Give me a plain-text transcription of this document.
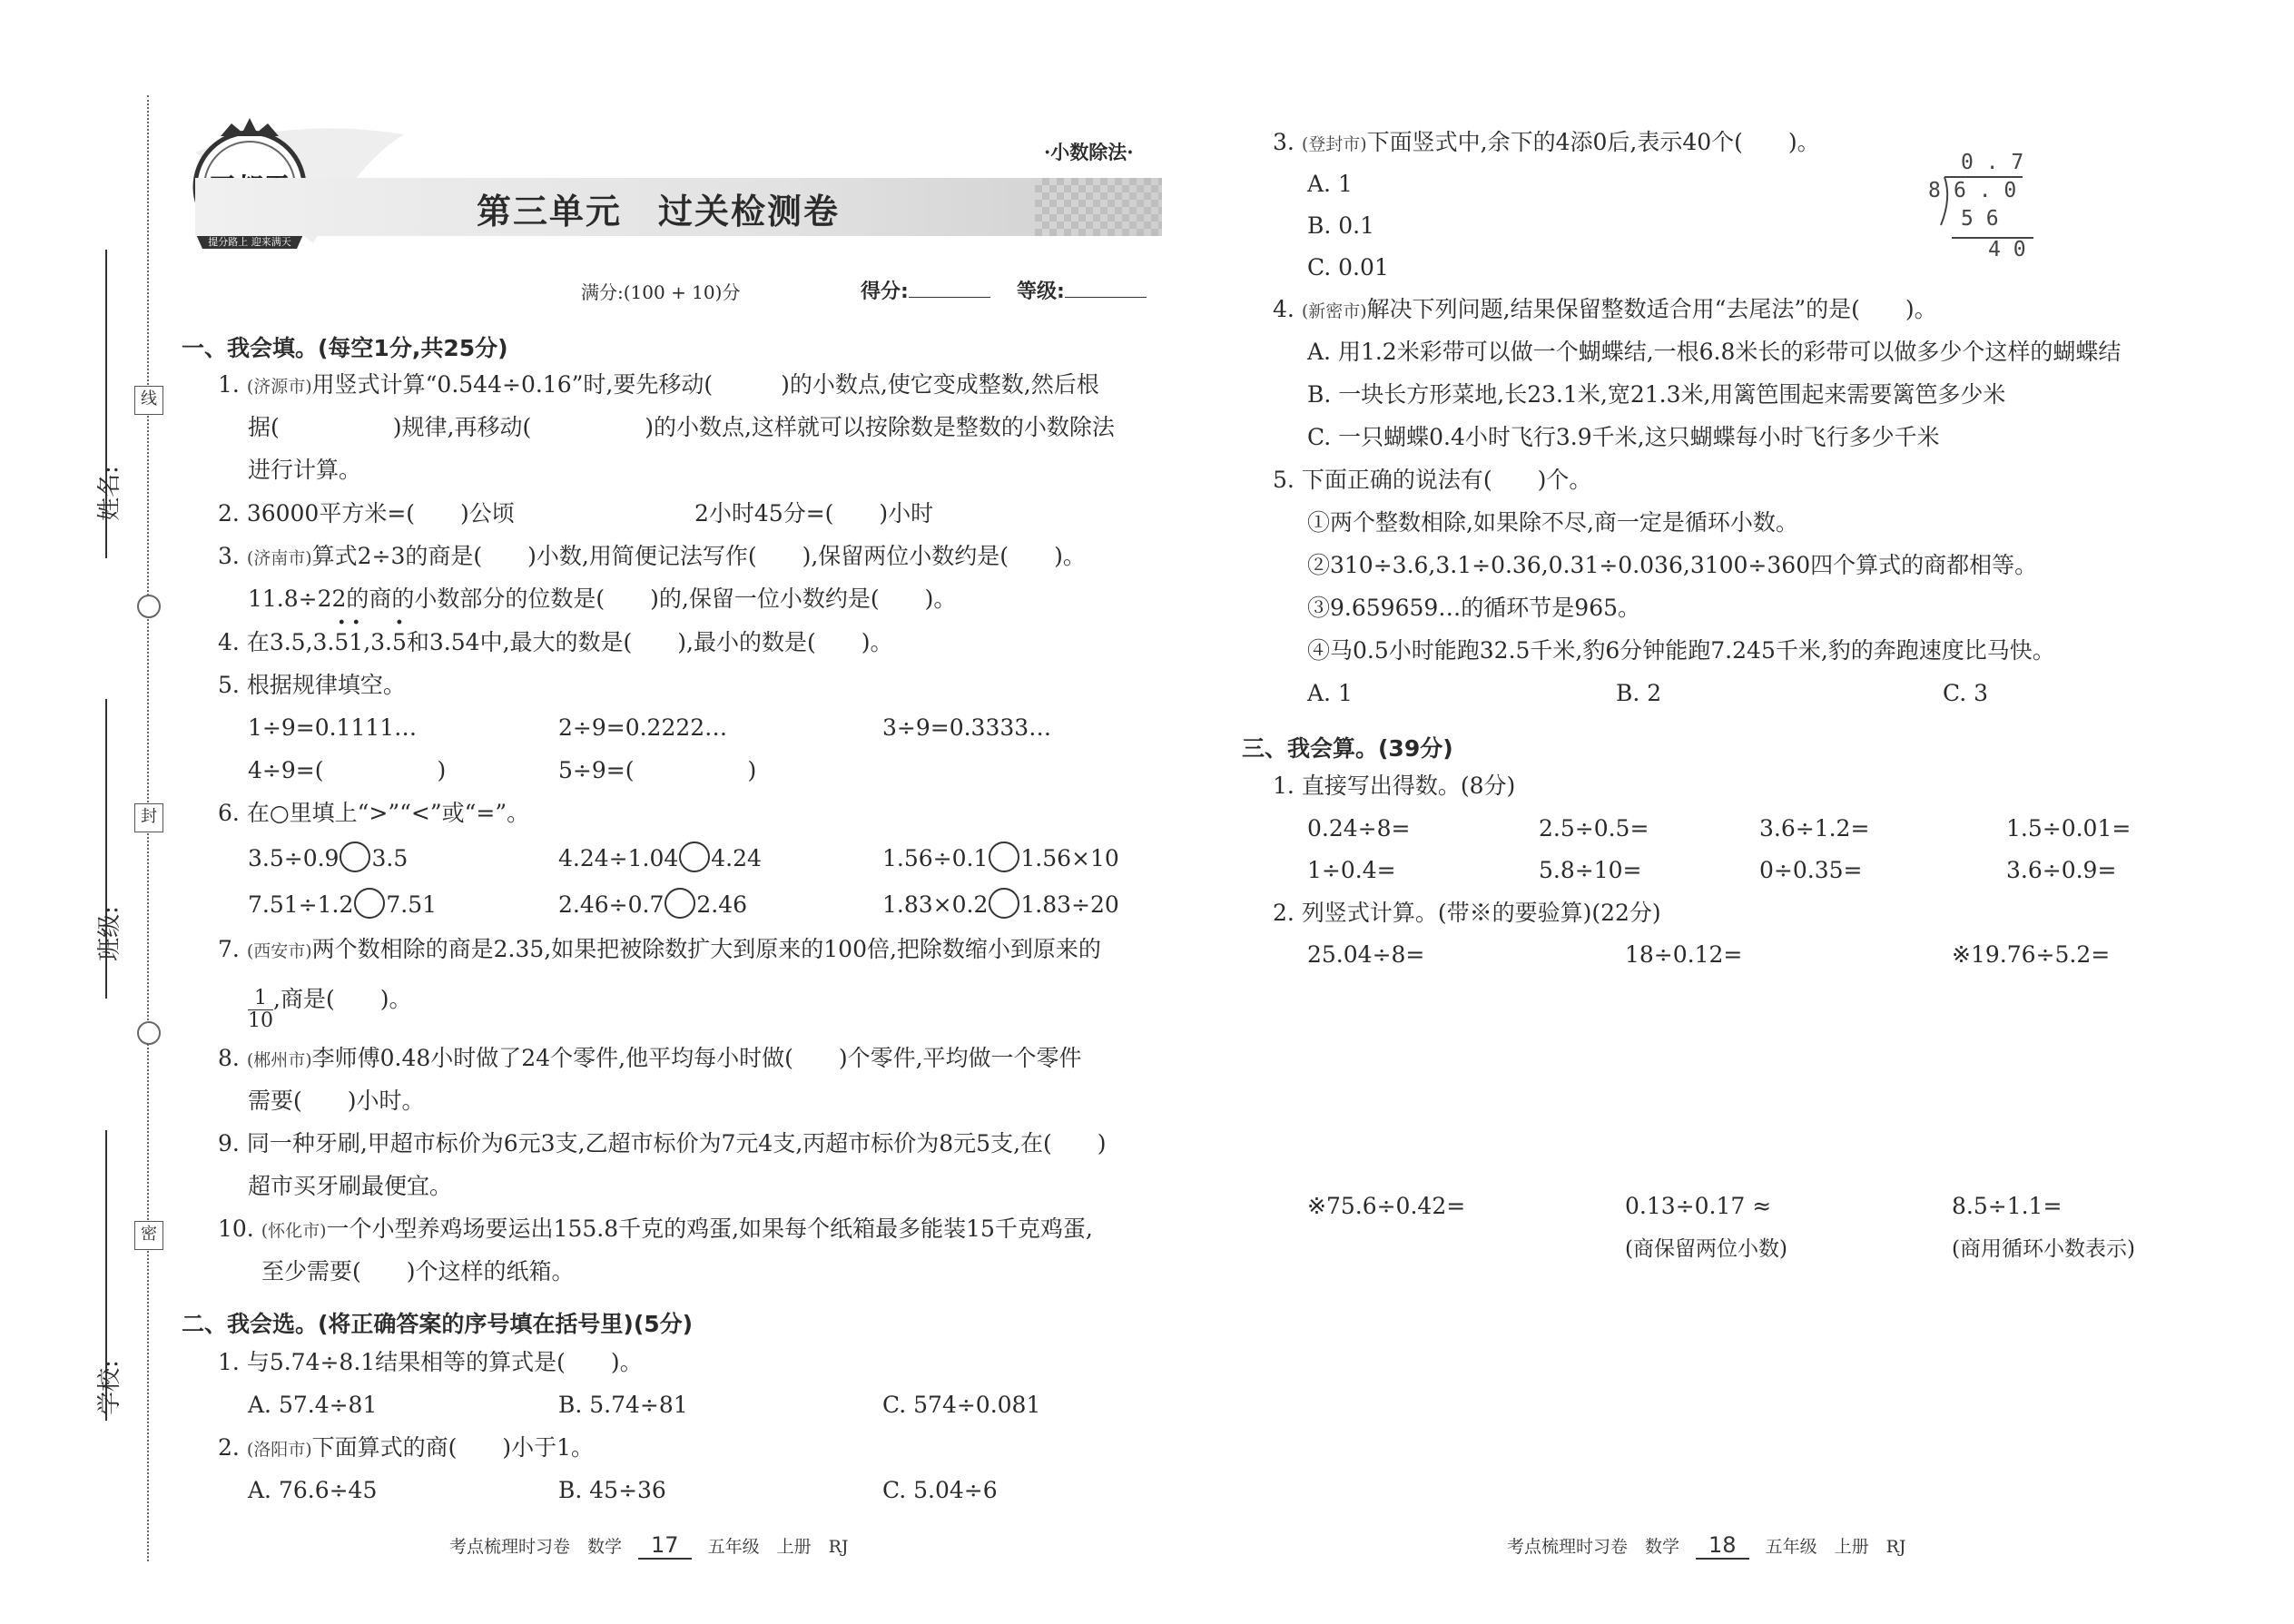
姓名:
班级:
学校:
线
封
密
提分路上 迎来满天
·小数除法·
第三单元　过关检测卷
满分:(100 + 10)分	得分:	等级:
一、我会填。(每空1分,共25分)
1. (济源市)用竖式计算“0.544÷0.16”时,要先移动(　　　)的小数点,使它变成整数,然后根
据(　　　　　)规律,再移动(　　　　　)的小数点,这样就可以按除数是整数的小数除法
进行计算。
2. 36000平方米=(　　)公顷	2小时45分=(　　)小时
3. (济南市)算式2÷3的商是(　　)小数,用简便记法写作(　　),保留两位小数约是(　　)。
11.8÷22的商的小数部分的位数是(　　)的,保留一位小数约是(　　)。
4. 在3.5,3.· 5· 1,3.· 5和3.54中,最大的数是(　　),最小的数是(　　)。
5. 根据规律填空。
1÷9=0.1111…	2÷9=0.2222…	3÷9=0.3333…
4÷9=(　　　　　)	5÷9=(　　　　　)
6. 在○里填上“>”“<”或“=”。
3.5÷0.9 3.5	4.24÷1.04 4.24	1.56÷0.1 1.56×10
7.51÷1.2 7.51	2.46÷0.7 2.46	1.83×0.2 1.83÷20
7. (西安市)两个数相除的商是2.35,如果把被除数扩大到原来的100倍,把除数缩小到原来的
$\frac{1}{10}$ ,商是(　　)。
8. (郴州市)李师傅0.48小时做了24个零件,他平均每小时做(　　)个零件,平均做一个零件
需要(　　)小时。
9. 同一种牙刷,甲超市标价为6元3支,乙超市标价为7元4支,丙超市标价为8元5支,在(　　)
超市买牙刷最便宜。
10. (怀化市)一个小型养鸡场要运出155.8千克的鸡蛋,如果每个纸箱最多能装15千克鸡蛋,
至少需要(　　)个这样的纸箱。
二、我会选。(将正确答案的序号填在括号里)(5分)
1. 与5.74÷8.1结果相等的算式是(　　)。
A. 57.4÷81	B. 5.74÷81	C. 574÷0.081
2. (洛阳市)下面算式的商(　　)小于1。
A. 76.6÷45	B. 45÷36	C. 5.04÷6
3. (登封市)下面竖式中,余下的4添0后,表示40个(　　)。
A. 1
B. 0.1
C. 0.01
0 . 7
8 6 . 0
5 6
4 0
4. (新密市)解决下列问题,结果保留整数适合用“去尾法”的是(　　)。
A. 用1.2米彩带可以做一个蝴蝶结,一根6.8米长的彩带可以做多少个这样的蝴蝶结
B. 一块长方形菜地,长23.1米,宽21.3米,用篱笆围起来需要篱笆多少米
C. 一只蝴蝶0.4小时飞行3.9千米,这只蝴蝶每小时飞行多少千米
5. 下面正确的说法有(　　)个。
①两个整数相除,如果除不尽,商一定是循环小数。
②310÷3.6,3.1÷0.36,0.31÷0.036,3100÷360四个算式的商都相等。
③9.659659…的循环节是965。
④马0.5小时能跑32.5千米,豹6分钟能跑7.245千米,豹的奔跑速度比马快。
A. 1	B. 2	C. 3
三、我会算。(39分)
1. 直接写出得数。(8分)
0.24÷8=	2.5÷0.5=	3.6÷1.2=	1.5÷0.01=
1÷0.4=	5.8÷10=	0÷0.35=	3.6÷0.9=
2. 列竖式计算。(带※的要验算)(22分)
25.04÷8=	18÷0.12=	※19.76÷5.2=
※75.6÷0.42=	0.13÷0.17 ≈	8.5÷1.1=
(商保留两位小数)	(商用循环小数表示)
考点梳理时习卷　数学 17 五年级　上册　RJ	考点梳理时习卷　数学 18 五年级　上册　RJ
